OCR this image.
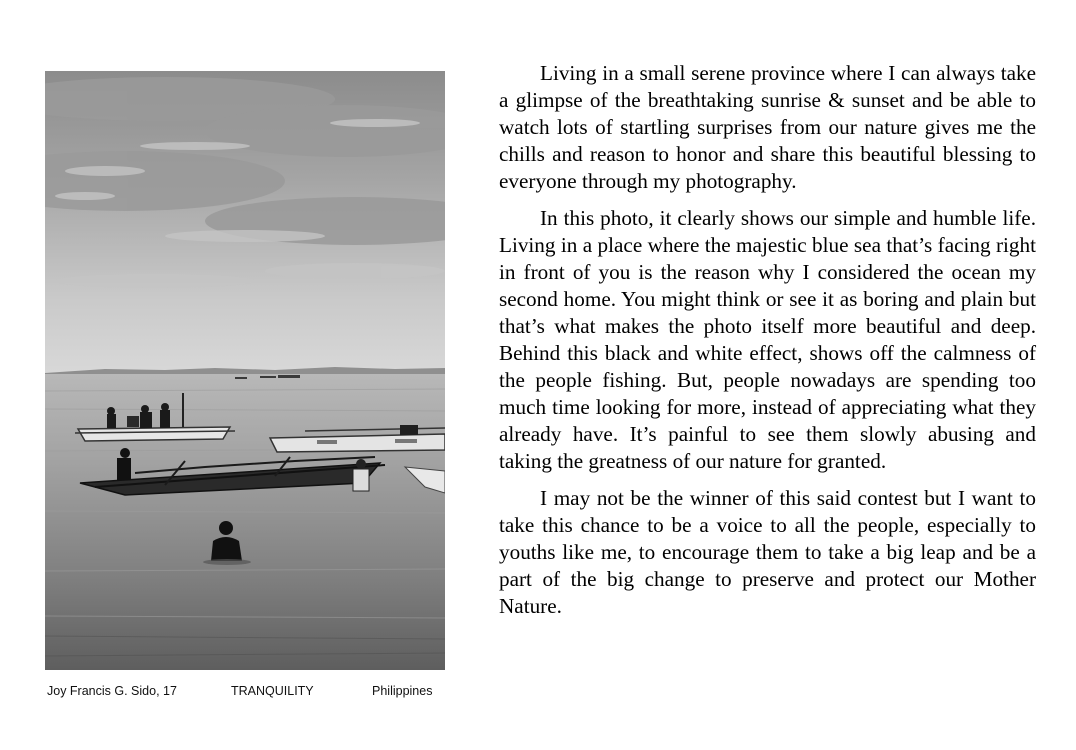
Joy Francis G. Sido, 17	TRANQUILITY	Philippines

Living in a small serene province where I can always take a glimpse of the breathtaking sunrise & sunset and be able to watch lots of startling surprises from our nature gives me the chills and reason to honor and share this beautiful blessing to everyone through my photography.

In this photo, it clearly shows our simple and humble life. Living in a place where the majestic blue sea that’s facing right in front of you is the reason why I considered the ocean my second home. You might think or see it as boring and plain but that’s what makes the photo itself more beautiful and deep. Behind this black and white effect, shows off the calmness of the people fishing. But, people nowadays are spending too much time looking for more, instead of appreciating what they already have. It’s painful to see them slowly abusing and taking the greatness of our nature for granted.

I may not be the winner of this said contest but I want to take this chance to be a voice to all the people, especially to youths like me, to encourage them to take a big leap and be a part of the big change to preserve and protect our Mother Nature.
